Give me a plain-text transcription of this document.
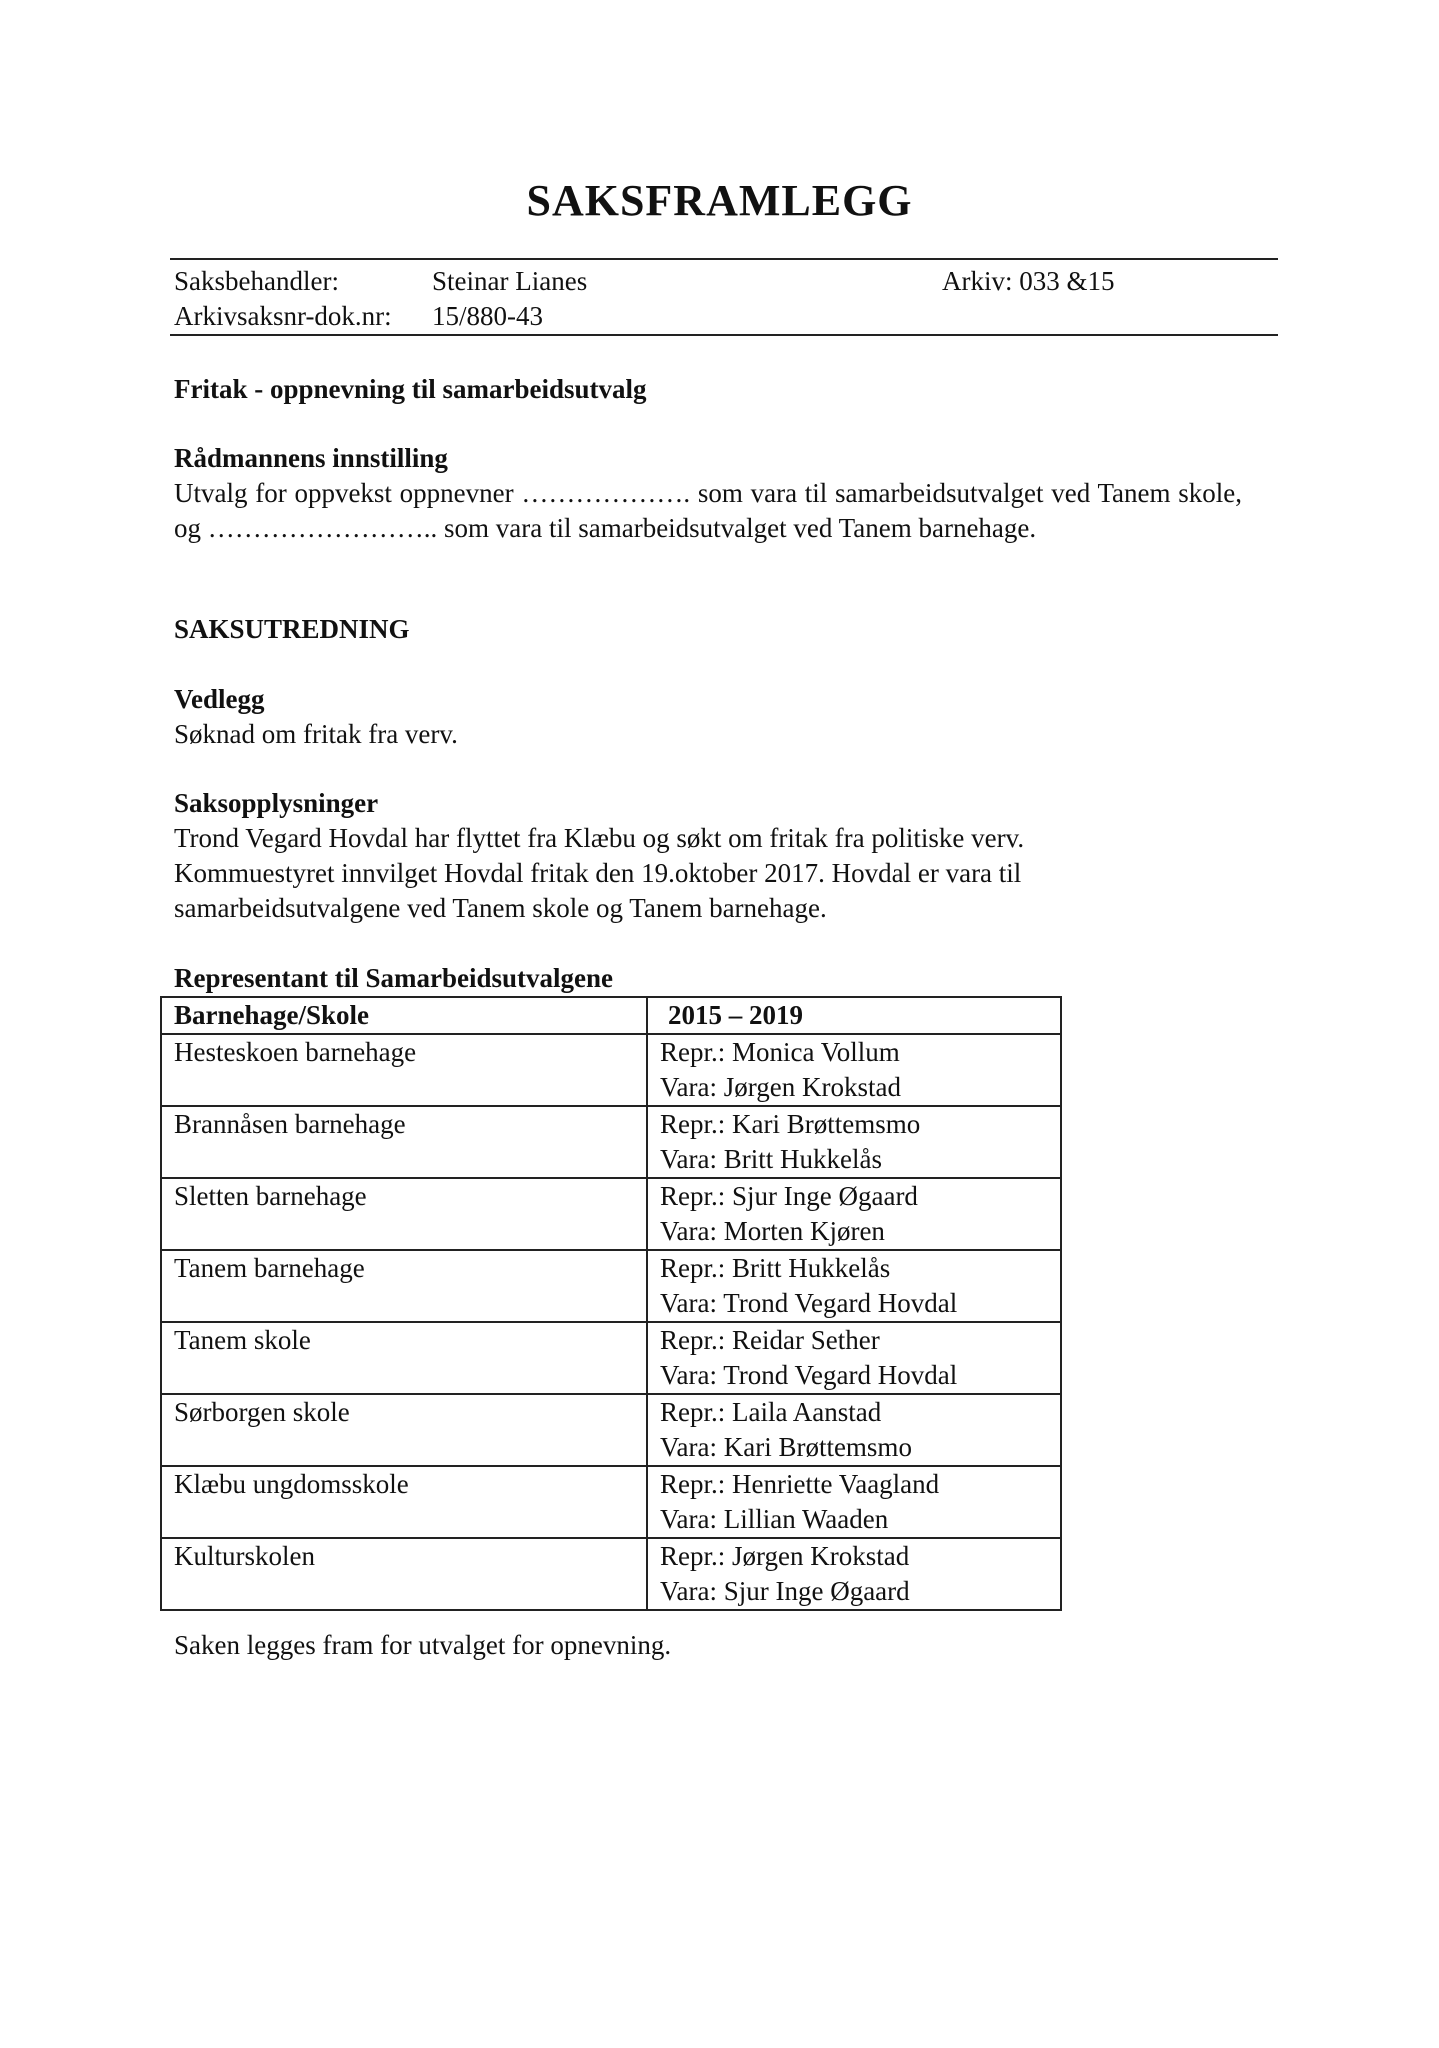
SAKSFRAMLEGG
Saksbehandler:	Steinar Lianes	Arkiv: 033 &15
Arkivsaksnr-dok.nr: 15/880-43
Fritak - oppnevning til samarbeidsutvalg
Rådmannens innstilling
Utvalg for oppvekst oppnevner ………………. som vara til samarbeidsutvalget ved Tanem skole, og …………………….. som vara til samarbeidsutvalget ved Tanem barnehage.
SAKSUTREDNING
Vedlegg
Søknad om fritak fra verv.
Saksopplysninger
Trond Vegard Hovdal har flyttet fra Klæbu og søkt om fritak fra politiske verv. Kommuestyret innvilget Hovdal fritak den 19.oktober 2017. Hovdal er vara til samarbeidsutvalgene ved Tanem skole og Tanem barnehage.
Representant til Samarbeidsutvalgene
Barnehage/Skole	2015 – 2019
Hesteskoen barnehage	Repr.: Monica Vollum
Vara: Jørgen Krokstad

Brannåsen barnehage	Repr.: Kari Brøttemsmo
Vara: Britt Hukkelås

Sletten barnehage	Repr.: Sjur Inge Øgaard
Vara: Morten Kjøren

Tanem barnehage	Repr.: Britt Hukkelås
Vara: Trond Vegard Hovdal

Tanem skole	Repr.: Reidar Sether
Vara: Trond Vegard Hovdal

Sørborgen skole	Repr.: Laila Aanstad
Vara: Kari Brøttemsmo

Klæbu ungdomsskole	Repr.: Henriette Vaagland
Vara: Lillian Waaden

Kulturskolen	Repr.: Jørgen Krokstad
Vara: Sjur Inge Øgaard
Saken legges fram for utvalget for opnevning.
